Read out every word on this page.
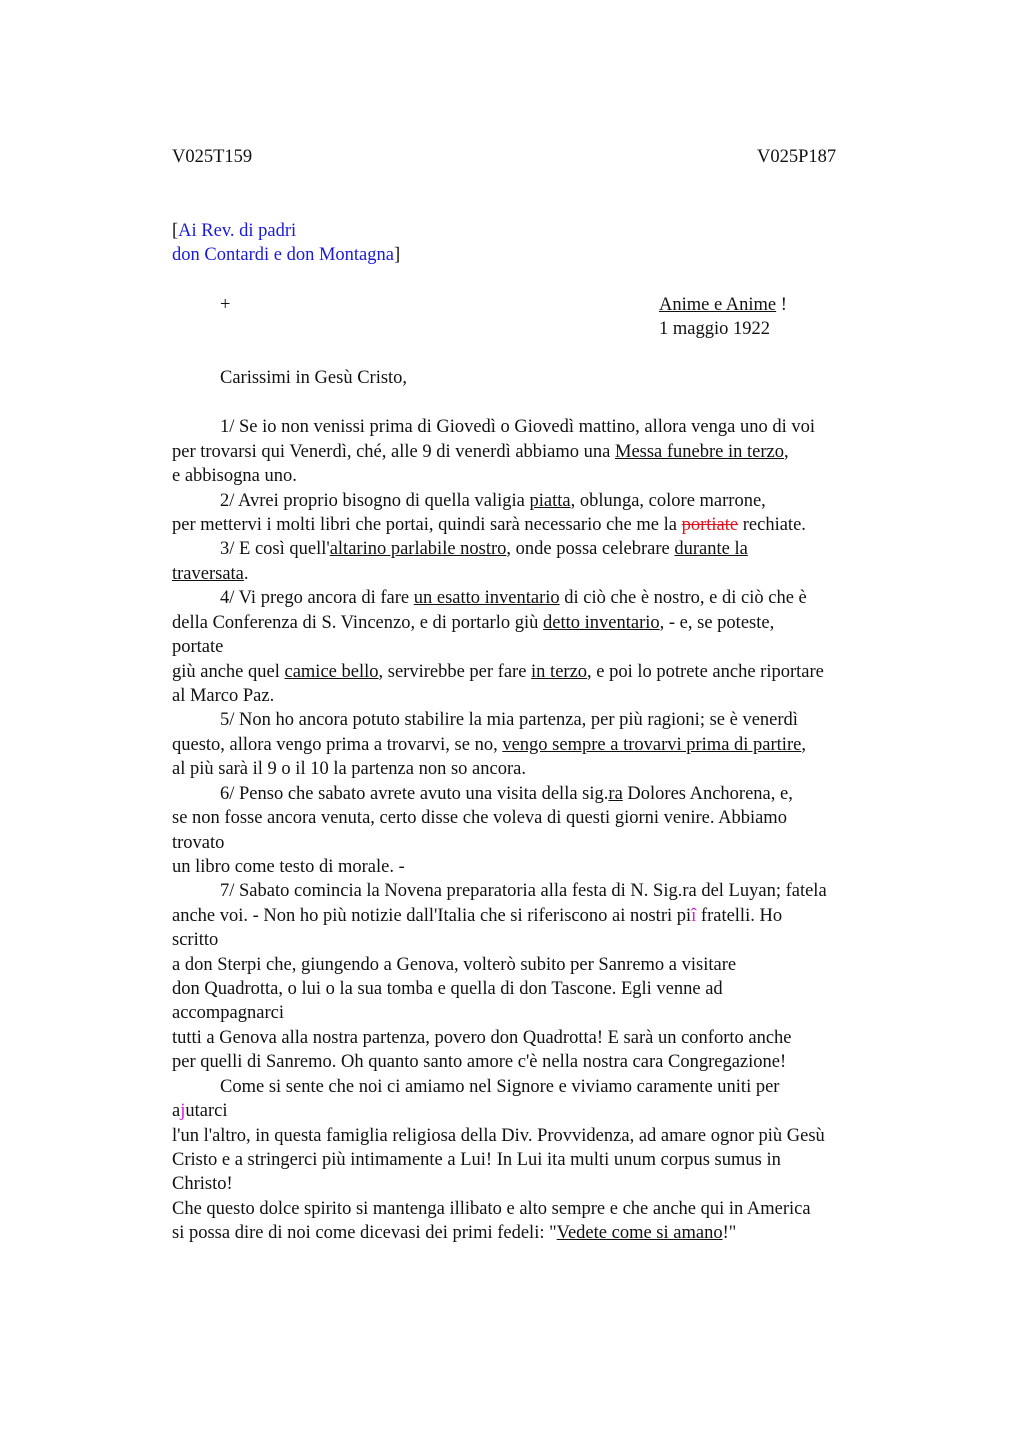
V025T159	V025P187
[Ai Rev. di padri
don Contardi e don Montagna]
+	Anime e Anime !
1 maggio 1922
Carissimi in Gesù Cristo,
1/ Se io non venissi prima di Giovedì o Giovedì mattino, allora venga uno di voi
per trovarsi qui Venerdì, ché, alle 9 di venerdì abbiamo una Messa funebre in terzo,
e abbisogna uno.
2/ Avrei proprio bisogno di quella valigia piatta, oblunga, colore marrone,
per mettervi i molti libri che portai, quindi sarà necessario che me la portiate rechiate.
3/ E così quell'altarino parlabile nostro, onde possa celebrare durante la
traversata.
4/ Vi prego ancora di fare un esatto inventario di ciò che è nostro, e di ciò che è
della Conferenza di S. Vincenzo, e di portarlo giù detto inventario, - e, se poteste,
portate
giù anche quel camice bello, servirebbe per fare in terzo, e poi lo potrete anche riportare
al Marco Paz.
5/ Non ho ancora potuto stabilire la mia partenza, per più ragioni; se è venerdì
questo, allora vengo prima a trovarvi, se no, vengo sempre a trovarvi prima di partire,
al più sarà il 9 o il 10 la partenza non so ancora.
6/ Penso che sabato avrete avuto una visita della sig.ra Dolores Anchorena, e,
se non fosse ancora venuta, certo disse che voleva di questi giorni venire. Abbiamo
trovato
un libro come testo di morale. -
7/ Sabato comincia la Novena preparatoria alla festa di N. Sig.ra del Luyan; fatela
anche voi. - Non ho più notizie dall'Italia che si riferiscono ai nostri piî fratelli. Ho
scritto
a don Sterpi che, giungendo a Genova, volterò subito per Sanremo a visitare
don Quadrotta, o lui o la sua tomba e quella di don Tascone. Egli venne ad
accompagnarci
tutti a Genova alla nostra partenza, povero don Quadrotta! E sarà un conforto anche
per quelli di Sanremo. Oh quanto santo amore c'è nella nostra cara Congregazione!
Come si sente che noi ci amiamo nel Signore e viviamo caramente uniti per
ajutarci
l'un l'altro, in questa famiglia religiosa della Div. Provvidenza, ad amare ognor più Gesù
Cristo e a stringerci più intimamente a Lui! In Lui ita multi unum corpus sumus in
Christo!
Che questo dolce spirito si mantenga illibato e alto sempre e che anche qui in America
si possa dire di noi come dicevasi dei primi fedeli: "Vedete come si amano!"
